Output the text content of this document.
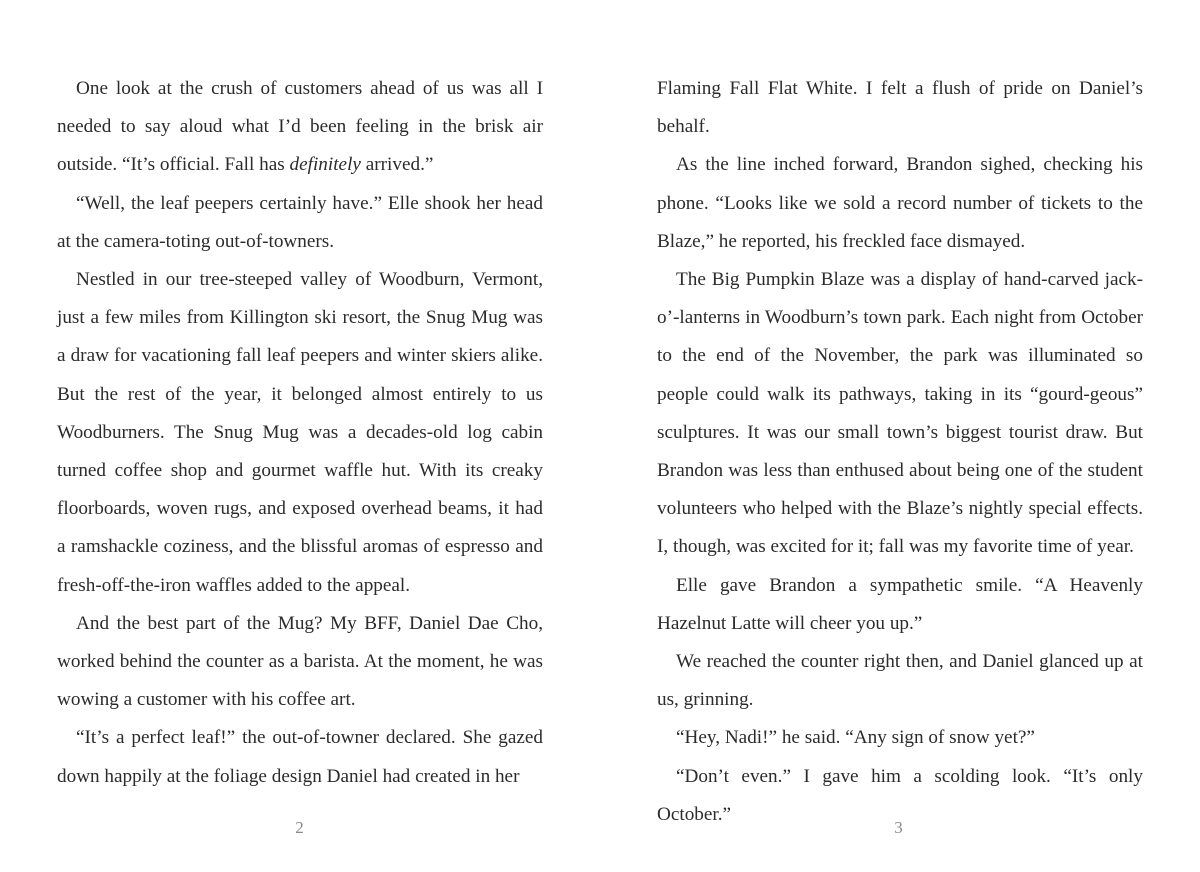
One look at the crush of customers ahead of us was all I needed to say aloud what I’d been feeling in the brisk air outside. “It’s official. Fall has definitely arrived.”

“Well, the leaf peepers certainly have.” Elle shook her head at the camera-toting out-of-towners.

Nestled in our tree-steeped valley of Woodburn, Vermont, just a few miles from Killington ski resort, the Snug Mug was a draw for vacationing fall leaf peepers and winter skiers alike. But the rest of the year, it belonged almost entirely to us Woodburners. The Snug Mug was a decades-old log cabin turned coffee shop and gourmet waffle hut. With its creaky floorboards, woven rugs, and exposed overhead beams, it had a ramshackle coziness, and the blissful aromas of espresso and fresh-off-the-iron waffles added to the appeal.

And the best part of the Mug? My BFF, Daniel Dae Cho, worked behind the counter as a barista. At the moment, he was wowing a customer with his coffee art.

“It’s a perfect leaf!” the out-of-towner declared. She gazed down happily at the foliage design Daniel had created in her

Flaming Fall Flat White. I felt a flush of pride on Daniel’s behalf.

As the line inched forward, Brandon sighed, checking his phone. “Looks like we sold a record number of tickets to the Blaze,” he reported, his freckled face dismayed.

The Big Pumpkin Blaze was a display of hand-carved jack-o’-lanterns in Woodburn’s town park. Each night from October to the end of the November, the park was illuminated so people could walk its pathways, taking in its “gourd-geous” sculptures. It was our small town’s biggest tourist draw. But Brandon was less than enthused about being one of the student volunteers who helped with the Blaze’s nightly special effects. I, though, was excited for it; fall was my favorite time of year.

Elle gave Brandon a sympathetic smile. “A Heavenly Hazelnut Latte will cheer you up.”

We reached the counter right then, and Daniel glanced up at us, grinning.

“Hey, Nadi!” he said. “Any sign of snow yet?”

“Don’t even.” I gave him a scolding look. “It’s only October.”

2	3
